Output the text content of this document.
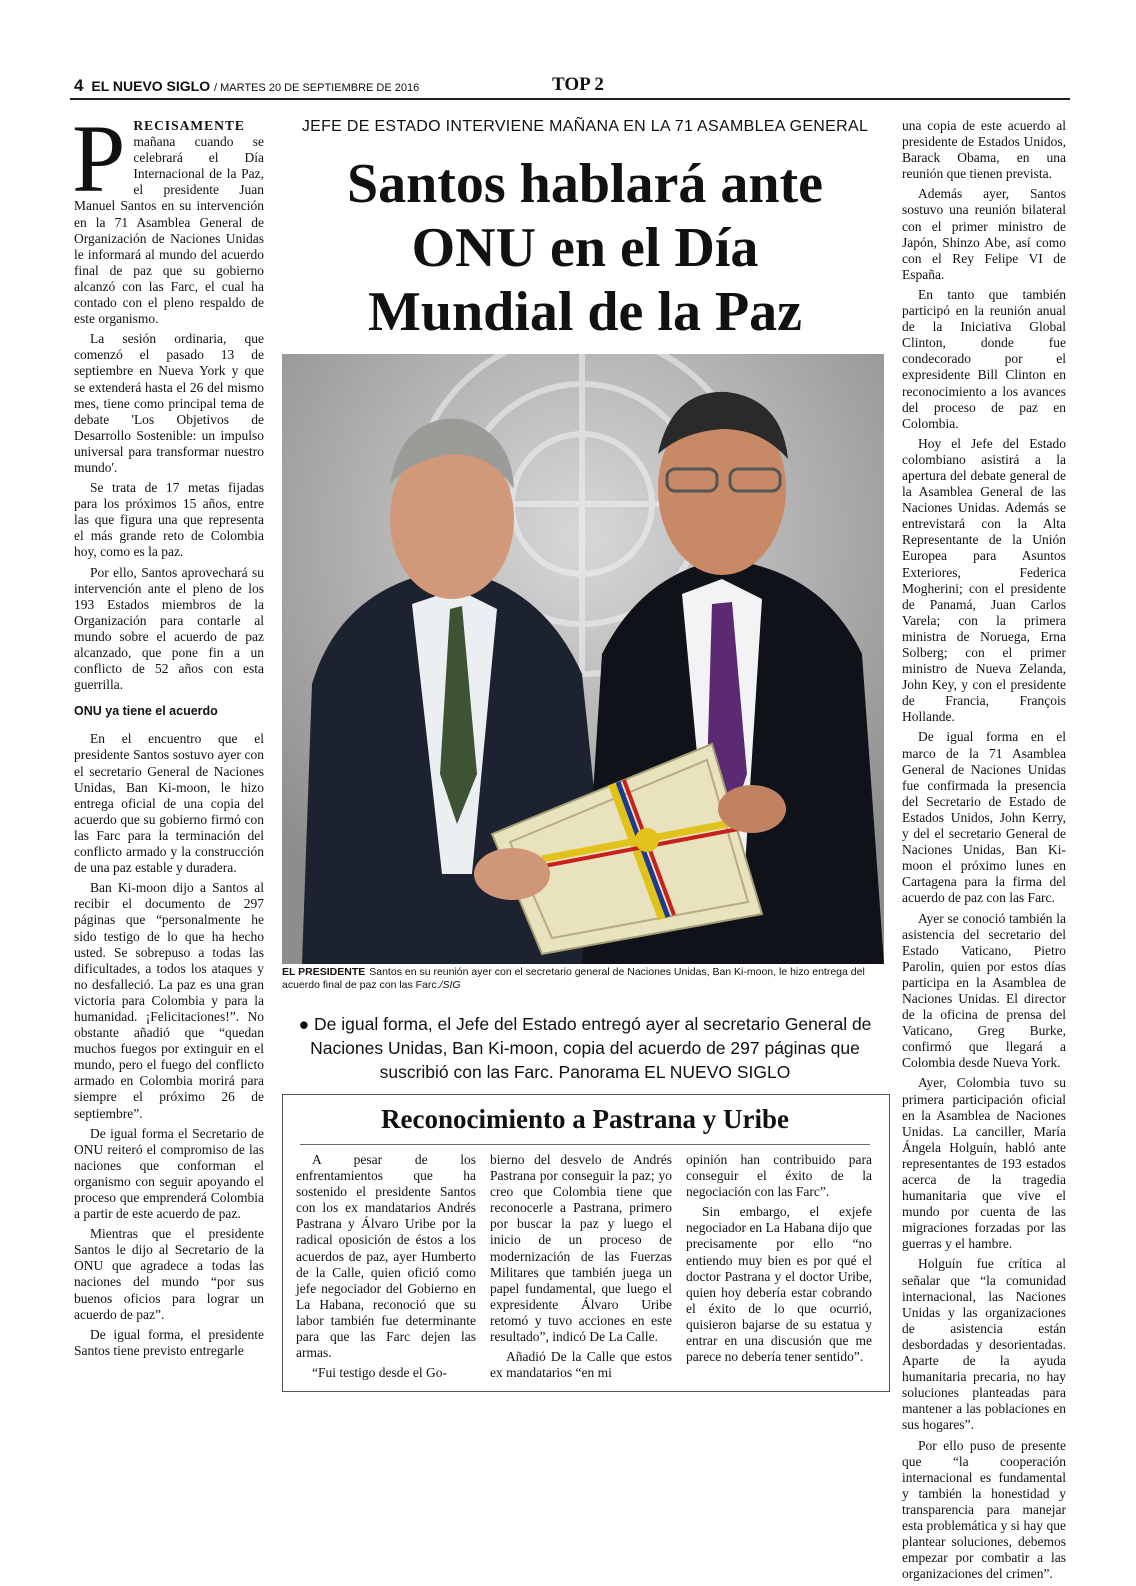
4 EL NUEVO SIGLO / MARTES 20 DE SEPTIEMBRE DE 2016	TOP 2

PRECISAMENTE mañana cuando se celebrará el Día Internacional de la Paz, el presidente Juan Manuel Santos en su intervención en la 71 Asamblea General de Organización de Naciones Unidas le informará al mundo del acuerdo final de paz que su gobierno alcanzó con las Farc, el cual ha contado con el pleno respaldo de este organismo.

La sesión ordinaria, que comenzó el pasado 13 de septiembre en Nueva York y que se extenderá hasta el 26 del mismo mes, tiene como principal tema de debate 'Los Objetivos de Desarrollo Sostenible: un impulso universal para transformar nuestro mundo'.

Se trata de 17 metas fijadas para los próximos 15 años, entre las que figura una que representa el más grande reto de Colombia hoy, como es la paz.

Por ello, Santos aprovechará su intervención ante el pleno de los 193 Estados miembros de la Organización para contarle al mundo sobre el acuerdo de paz alcanzado, que pone fin a un conflicto de 52 años con esta guerrilla.

ONU ya tiene el acuerdo

En el encuentro que el presidente Santos sostuvo ayer con el secretario General de Naciones Unidas, Ban Ki-moon, le hizo entrega oficial de una copia del acuerdo que su gobierno firmó con las Farc para la terminación del conflicto armado y la construcción de una paz estable y duradera.

Ban Ki-moon dijo a Santos al recibir el documento de 297 páginas que “personalmente he sido testigo de lo que ha hecho usted. Se sobrepuso a todas las dificultades, a todos los ataques y no desfalleció. La paz es una gran victoria para Colombia y para la humanidad. ¡Felicitaciones!”. No obstante añadió que “quedan muchos fuegos por extinguir en el mundo, pero el fuego del conflicto armado en Colombia morirá para siempre el próximo 26 de septiembre”.

De igual forma el Secretario de ONU reiteró el compromiso de las naciones que conforman el organismo con seguir apoyando el proceso que emprenderá Colombia a partir de este acuerdo de paz.

Mientras que el presidente Santos le dijo al Secretario de la ONU que agradece a todas las naciones del mundo “por sus buenos oficios para lograr un acuerdo de paz”.

De igual forma, el presidente Santos tiene previsto entregarle

JEFE DE ESTADO INTERVIENE MAÑANA EN LA 71 ASAMBLEA GENERAL
Santos hablará ante
ONU en el Día
Mundial de la Paz
EL PRESIDENTE Santos en su reunión ayer con el secretario general de Naciones Unidas, Ban Ki-moon, le hizo entrega del acuerdo final de paz con las Farc./SIG
● De igual forma, el Jefe del Estado entregó ayer al secretario General de Naciones Unidas, Ban Ki-moon, copia del acuerdo de 297 páginas que suscribió con las Farc. Panorama EL NUEVO SIGLO
Reconocimiento a Pastrana y Uribe

A pesar de los enfrentamientos que ha sostenido el presidente Santos con los ex mandatarios Andrés Pastrana y Álvaro Uribe por la radical oposición de éstos a los acuerdos de paz, ayer Humberto de la Calle, quien ofició como jefe negociador del Gobierno en La Habana, reconoció que su labor también fue determinante para que las Farc dejen las armas.

“Fui testigo desde el Go-

bierno del desvelo de Andrés Pastrana por conseguir la paz; yo creo que Colombia tiene que reconocerle a Pastrana, primero por buscar la paz y luego el inicio de un proceso de modernización de las Fuerzas Militares que también juega un papel fundamental, que luego el expresidente Álvaro Uribe retomó y tuvo acciones en este resultado”, indicó De La Calle.

Añadió De la Calle que estos ex mandatarios “en mi

opinión han contribuido para conseguir el éxito de la negociación con las Farc”.

Sin embargo, el exjefe negociador en La Habana dijo que precisamente por ello “no entiendo muy bien es por qué el doctor Pastrana y el doctor Uribe, quien hoy debería estar cobrando el éxito de lo que ocurrió, quisieron bajarse de su estatua y entrar en una discusión que me parece no debería tener sentido”.

una copia de este acuerdo al presidente de Estados Unidos, Barack Obama, en una reunión que tienen prevista.

Además ayer, Santos sostuvo una reunión bilateral con el primer ministro de Japón, Shinzo Abe, así como con el Rey Felipe VI de España.

En tanto que también participó en la reunión anual de la Iniciativa Global Clinton, donde fue condecorado por el expresidente Bill Clinton en reconocimiento a los avances del proceso de paz en Colombia.

Hoy el Jefe del Estado colombiano asistirá a la apertura del debate general de la Asamblea General de las Naciones Unidas. Además se entrevistará con la Alta Representante de la Unión Europea para Asuntos Exteriores, Federica Mogherini; con el presidente de Panamá, Juan Carlos Varela; con la primera ministra de Noruega, Erna Solberg; con el primer ministro de Nueva Zelanda, John Key, y con el presidente de Francia, François Hollande.

De igual forma en el marco de la 71 Asamblea General de Naciones Unidas fue confirmada la presencia del Secretario de Estado de Estados Unidos, John Kerry, y del el secretario General de Naciones Unidas, Ban Ki-moon el próximo lunes en Cartagena para la firma del acuerdo de paz con las Farc.

Ayer se conoció también la asistencia del secretario del Estado Vaticano, Pietro Parolin, quien por estos días participa en la Asamblea de Naciones Unidas. El director de la oficina de prensa del Vaticano, Greg Burke, confirmó que llegará a Colombia desde Nueva York.

Ayer, Colombia tuvo su primera participación oficial en la Asamblea de Naciones Unidas. La canciller, María Ángela Holguín, habló ante representantes de 193 estados acerca de la tragedia humanitaria que vive el mundo por cuenta de las migraciones forzadas por las guerras y el hambre.

Holguín fue crítica al señalar que “la comunidad internacional, las Naciones Unidas y las organizaciones de asistencia están desbordadas y desorientadas. Aparte de la ayuda humanitaria precaria, no hay soluciones planteadas para mantener a las poblaciones en sus hogares”.

Por ello puso de presente que “la cooperación internacional es fundamental y también la honestidad y transparencia para manejar esta problemática y si hay que plantear soluciones, debemos empezar por combatir a las organizaciones del crimen”.
